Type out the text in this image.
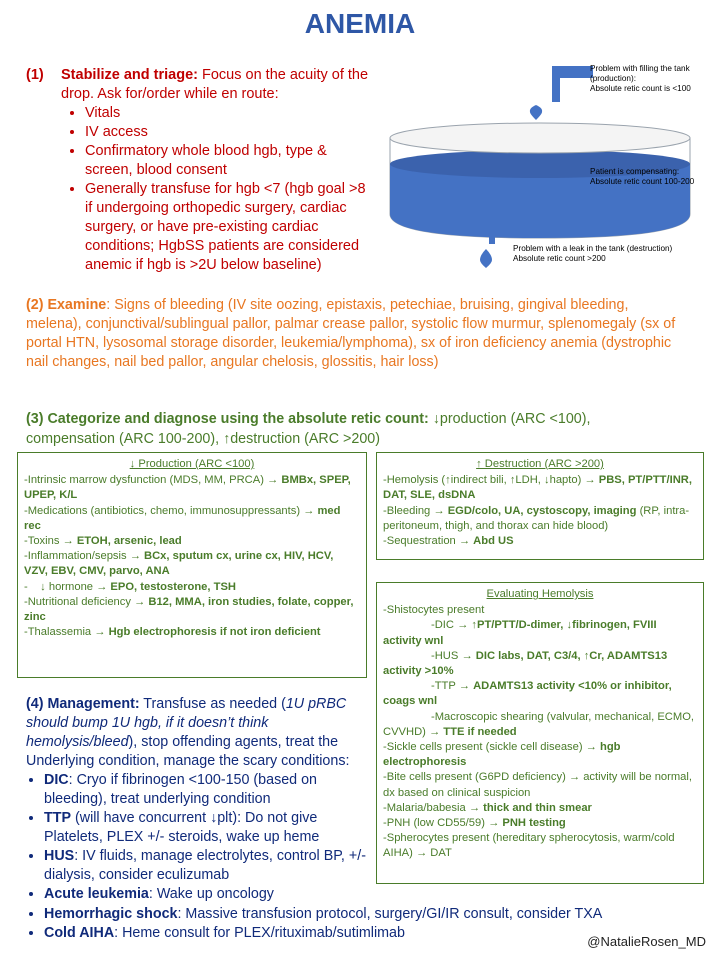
ANEMIA
(1) Stabilize and triage: Focus on the acuity of the drop. Ask for/order while en route:
• Vitals
• IV access
• Confirmatory whole blood hgb, type & screen, blood consent
• Generally transfuse for hgb <7 (hgb goal >8 if undergoing orthopedic surgery, cardiac surgery, or have pre-existing cardiac conditions; HgbSS patients are considered anemic if hgb is >2U below baseline)
Problem with filling the tank
(production):
Absolute retic count is <100
Patient is compensating:
Absolute retic count 100-200
Problem with a leak in the tank (destruction)
Absolute retic count >200
(2) Examine: Signs of bleeding (IV site oozing, epistaxis, petechiae, bruising, gingival bleeding, melena), conjunctival/sublingual pallor, palmar crease pallor, systolic flow murmur, splenomegaly (sx of portal HTN, lysosomal storage disorder, leukemia/lymphoma), sx of iron deficiency anemia (dystrophic nail changes, nail bed pallor, angular chelosis, glossitis, hair loss)
(3) Categorize and diagnose using the absolute retic count: ↓production (ARC <100), compensation (ARC 100-200), ↑destruction (ARC >200)
↓ Production (ARC <100)
-Intrinsic marrow dysfunction (MDS, MM, PRCA) → BMBx, SPEP, UPEP, K/L
-Medications (antibiotics, chemo, immunosuppressants) → med rec
-Toxins → ETOH, arsenic, lead
-Inflammation/sepsis → BCx, sputum cx, urine cx, HIV, HCV, VZV, EBV, CMV, parvo, ANA
-    ↓ hormone → EPO, testosterone, TSH
-Nutritional deficiency → B12, MMA, iron studies, folate, copper, zinc
-Thalassemia → Hgb electrophoresis if not iron deficient
↑ Destruction (ARC >200)
-Hemolysis (↑indirect bili, ↑LDH, ↓hapto) → PBS, PT/PTT/INR, DAT, SLE, dsDNA
-Bleeding → EGD/colo, UA, cystoscopy, imaging (RP, intra-peritoneum, thigh, and thorax can hide blood)
-Sequestration → Abd US
Evaluating Hemolysis
-Shistocytes present
-DIC → ↑PT/PTT/D-dimer, ↓fibrinogen, FVIII activity wnl
-HUS → DIC labs, DAT, C3/4, ↑Cr, ADAMTS13 activity >10%
-TTP → ADAMTS13 activity <10% or inhibitor, coags wnl
-Macroscopic shearing (valvular, mechanical, ECMO, CVVHD) → TTE if needed
-Sickle cells present (sickle cell disease) → hgb electrophoresis
-Bite cells present (G6PD deficiency) → activity will be normal, dx based on clinical suspicion
-Malaria/babesia → thick and thin smear
-PNH (low CD55/59) → PNH testing
-Spherocytes present (hereditary spherocytosis, warm/cold AIHA) → DAT
(4) Management: Transfuse as needed (1U pRBC should bump 1U hgb, if it doesn’t think hemolysis/bleed), stop offending agents, treat the Underlying condition, manage the scary conditions:
• DIC: Cryo if fibrinogen <100-150 (based on bleeding), treat underlying condition
• TTP (will have concurrent ↓plt): Do not give Platelets, PLEX +/- steroids, wake up heme
• HUS: IV fluids, manage electrolytes, control BP, +/- dialysis, consider eculizumab
• Acute leukemia: Wake up oncology
• Hemorrhagic shock: Massive transfusion protocol, surgery/GI/IR consult, consider TXA
• Cold AIHA: Heme consult for PLEX/rituximab/sutimlimab
@NatalieRosen_MD
